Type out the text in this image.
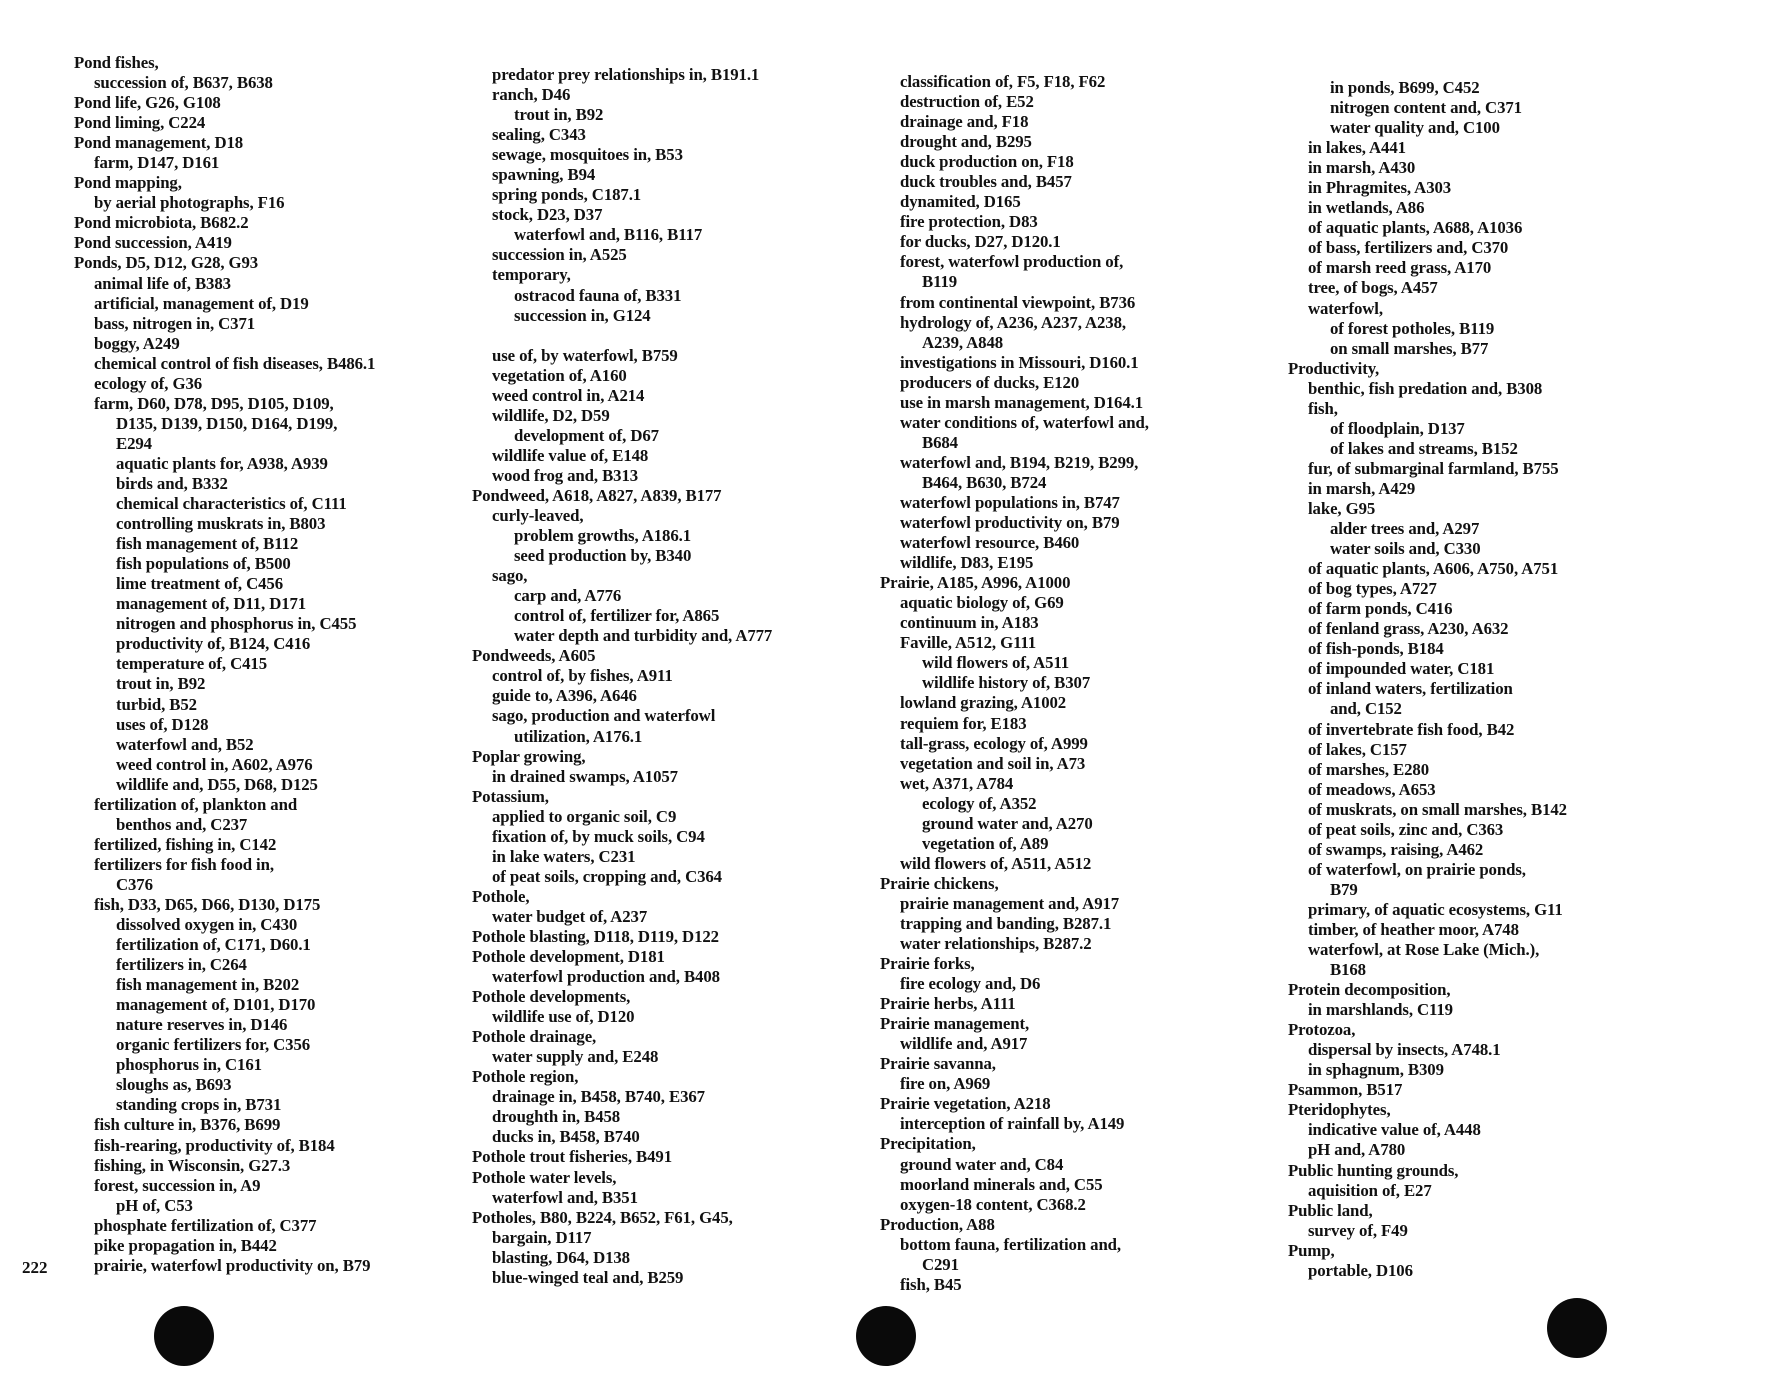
Pond fishes,
succession of, B637, B638
Pond life, G26, G108
Pond liming, C224
Pond management, D18
farm, D147, D161
Pond mapping,
by aerial photographs, F16
Pond microbiota, B682.2
Pond succession, A419
Ponds, D5, D12, G28, G93
animal life of, B383
artificial, management of, D19
bass, nitrogen in, C371
boggy, A249
chemical control of fish diseases, B486.1
ecology of, G36
farm, D60, D78, D95, D105, D109,
D135, D139, D150, D164, D199,
E294
aquatic plants for, A938, A939
birds and, B332
chemical characteristics of, C111
controlling muskrats in, B803
fish management of, B112
fish populations of, B500
lime treatment of, C456
management of, D11, D171
nitrogen and phosphorus in, C455
productivity of, B124, C416
temperature of, C415
trout in, B92
turbid, B52
uses of, D128
waterfowl and, B52
weed control in, A602, A976
wildlife and, D55, D68, D125
fertilization of, plankton and
benthos and, C237
fertilized, fishing in, C142
fertilizers for fish food in,
C376
fish, D33, D65, D66, D130, D175
dissolved oxygen in, C430
fertilization of, C171, D60.1
fertilizers in, C264
fish management in, B202
management of, D101, D170
nature reserves in, D146
organic fertilizers for, C356
phosphorus in, C161
sloughs as, B693
standing crops in, B731
fish culture in, B376, B699
fish-rearing, productivity of, B184
fishing, in Wisconsin, G27.3
forest, succession in, A9
pH of, C53
phosphate fertilization of, C377
pike propagation in, B442
prairie, waterfowl productivity on, B79
predator prey relationships in, B191.1
ranch, D46
trout in, B92
sealing, C343
sewage, mosquitoes in, B53
spawning, B94
spring ponds, C187.1
stock, D23, D37
waterfowl and, B116, B117
succession in, A525
temporary,
ostracod fauna of, B331
succession in, G124
use of, by waterfowl, B759
vegetation of, A160
weed control in, A214
wildlife, D2, D59
development of, D67
wildlife value of, E148
wood frog and, B313
Pondweed, A618, A827, A839, B177
curly-leaved,
problem growths, A186.1
seed production by, B340
sago,
carp and, A776
control of, fertilizer for, A865
water depth and turbidity and, A777
Pondweeds, A605
control of, by fishes, A911
guide to, A396, A646
sago, production and waterfowl
utilization, A176.1
Poplar growing,
in drained swamps, A1057
Potassium,
applied to organic soil, C9
fixation of, by muck soils, C94
in lake waters, C231
of peat soils, cropping and, C364
Pothole,
water budget of, A237
Pothole blasting, D118, D119, D122
Pothole development, D181
waterfowl production and, B408
Pothole developments,
wildlife use of, D120
Pothole drainage,
water supply and, E248
Pothole region,
drainage in, B458, B740, E367
droughth in, B458
ducks in, B458, B740
Pothole trout fisheries, B491
Pothole water levels,
waterfowl and, B351
Potholes, B80, B224, B652, F61, G45,
bargain, D117
blasting, D64, D138
blue-winged teal and, B259
classification of, F5, F18, F62
destruction of, E52
drainage and, F18
drought and, B295
duck production on, F18
duck troubles and, B457
dynamited, D165
fire protection, D83
for ducks, D27, D120.1
forest, waterfowl production of,
B119
from continental viewpoint, B736
hydrology of, A236, A237, A238,
A239, A848
investigations in Missouri, D160.1
producers of ducks, E120
use in marsh management, D164.1
water conditions of, waterfowl and,
B684
waterfowl and, B194, B219, B299,
B464, B630, B724
waterfowl populations in, B747
waterfowl productivity on, B79
waterfowl resource, B460
wildlife, D83, E195
Prairie, A185, A996, A1000
aquatic biology of, G69
continuum in, A183
Faville, A512, G111
wild flowers of, A511
wildlife history of, B307
lowland grazing, A1002
requiem for, E183
tall-grass, ecology of, A999
vegetation and soil in, A73
wet, A371, A784
ecology of, A352
ground water and, A270
vegetation of, A89
wild flowers of, A511, A512
Prairie chickens,
prairie management and, A917
trapping and banding, B287.1
water relationships, B287.2
Prairie forks,
fire ecology and, D6
Prairie herbs, A111
Prairie management,
wildlife and, A917
Prairie savanna,
fire on, A969
Prairie vegetation, A218
interception of rainfall by, A149
Precipitation,
ground water and, C84
moorland minerals and, C55
oxygen-18 content, C368.2
Production, A88
bottom fauna, fertilization and,
C291
fish, B45
in ponds, B699, C452
nitrogen content and, C371
water quality and, C100
in lakes, A441
in marsh, A430
in Phragmites, A303
in wetlands, A86
of aquatic plants, A688, A1036
of bass, fertilizers and, C370
of marsh reed grass, A170
tree, of bogs, A457
waterfowl,
of forest potholes, B119
on small marshes, B77
Productivity,
benthic, fish predation and, B308
fish,
of floodplain, D137
of lakes and streams, B152
fur, of submarginal farmland, B755
in marsh, A429
lake, G95
alder trees and, A297
water soils and, C330
of aquatic plants, A606, A750, A751
of bog types, A727
of farm ponds, C416
of fenland grass, A230, A632
of fish-ponds, B184
of impounded water, C181
of inland waters, fertilization
and, C152
of invertebrate fish food, B42
of lakes, C157
of marshes, E280
of meadows, A653
of muskrats, on small marshes, B142
of peat soils, zinc and, C363
of swamps, raising, A462
of waterfowl, on prairie ponds,
B79
primary, of aquatic ecosystems, G11
timber, of heather moor, A748
waterfowl, at Rose Lake (Mich.),
B168
Protein decomposition,
in marshlands, C119
Protozoa,
dispersal by insects, A748.1
in sphagnum, B309
Psammon, B517
Pteridophytes,
indicative value of, A448
pH and, A780
Public hunting grounds,
aquisition of, E27
Public land,
survey of, F49
Pump,
portable, D106
222
